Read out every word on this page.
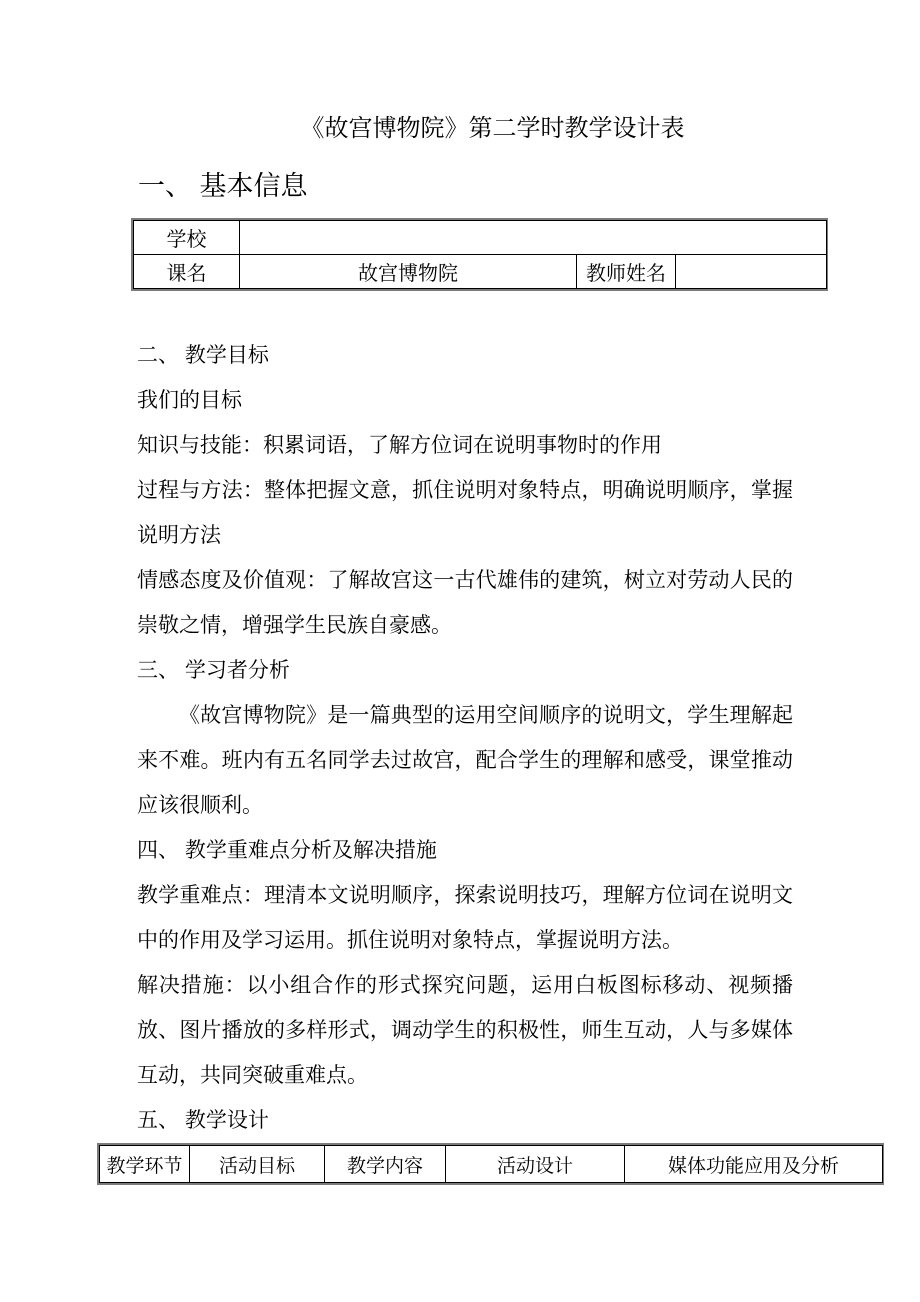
《故宫博物院》第二学时教学设计表
一、 基本信息
学校			
课名	故宫博物院	教师姓名	

二、 教学目标

我们的目标

知识与技能：积累词语，了解方位词在说明事物时的作用

过程与方法：整体把握文意，抓住说明对象特点，明确说明顺序，掌握说明方法

情感态度及价值观：了解故宫这一古代雄伟的建筑，树立对劳动人民的崇敬之情，增强学生民族自豪感。

三、 学习者分析

《故宫博物院》是一篇典型的运用空间顺序的说明文，学生理解起来不难。班内有五名同学去过故宫，配合学生的理解和感受，课堂推动应该很顺利。

四、 教学重难点分析及解决措施

教学重难点：理清本文说明顺序，探索说明技巧，理解方位词在说明文中的作用及学习运用。抓住说明对象特点，掌握说明方法。

解决措施：以小组合作的形式探究问题，运用白板图标移动、视频播放、图片播放的多样形式，调动学生的积极性，师生互动，人与多媒体互动，共同突破重难点。

五、 教学设计

教学环节	活动目标	教学内容	活动设计	媒体功能应用及分析
